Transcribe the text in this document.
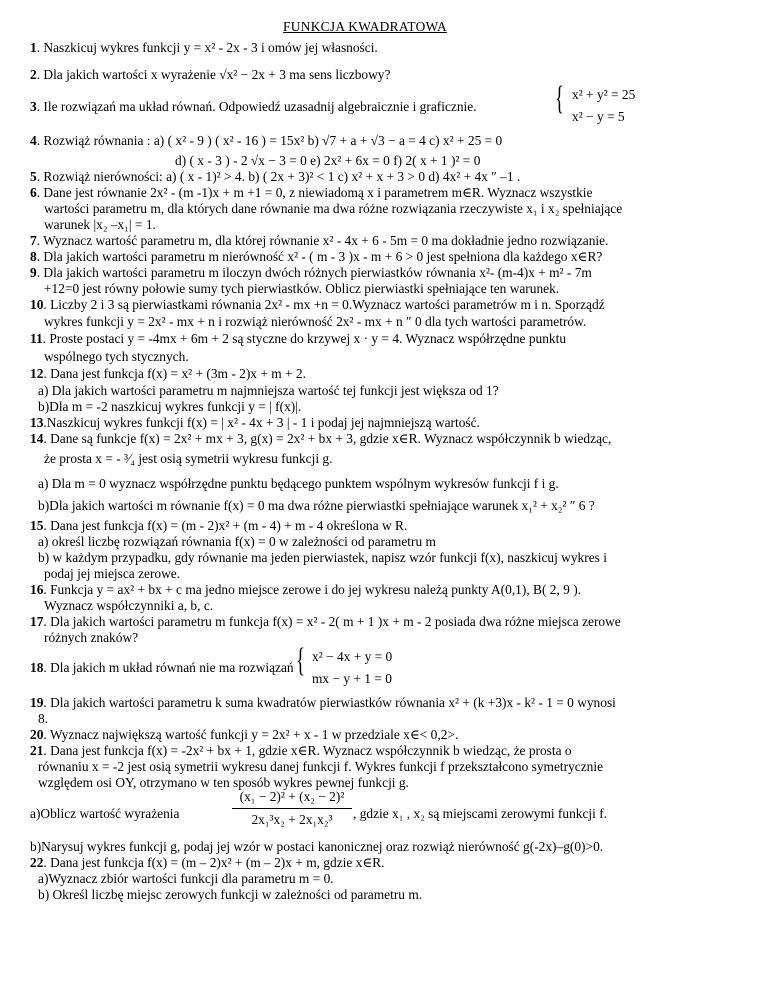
FUNKCJA KWADRATOWA
1. Naszkicuj wykres funkcji y = x² - 2x - 3 i omów jej własności.
2. Dla jakich wartości x wyrażenie √x² − 2x + 3 ma sens liczbowy?
3. Ile rozwiązań ma układ równań. Odpowiedź uzasadnij algebraicznie i graficznie. { x² + y² = 25
x² − y = 5
4. Rozwiąż równania : a) ( x² - 9 ) ( x² - 16 ) = 15x² b) √7 + a + √3 − a = 4 c) x² + 25 = 0
d) ( x - 3 ) - 2 √x − 3 = 0 e) 2x² + 6x = 0 f) 2( x + 1 )² = 0
5. Rozwiąż nierówności: a) ( x - 1)² > 4. b) ( 2x + 3)² < 1 c) x² + x + 3 > 0 d) 4x² + 4x ″ –1 .
6. Dane jest równanie 2x² - (m -1)x + m +1 = 0, z niewiadomą x i parametrem m∈R. Wyznacz wszystkie
wartości parametru m, dla których dane równanie ma dwa różne rozwiązania rzeczywiste x₁ i x₂ spełniające
warunek |x₂ –x₁| = 1.
7. Wyznacz wartość parametru m, dla której równanie x² - 4x + 6 - 5m = 0 ma dokładnie jedno rozwiązanie.
8. Dla jakich wartości parametru m nierówność x² - ( m - 3 )x - m + 6 > 0 jest spełniona dla każdego x∈R?
9. Dla jakich wartości parametru m iloczyn dwóch różnych pierwiastków równania x²- (m-4)x + m² - 7m
+12=0 jest równy połowie sumy tych pierwiastków. Oblicz pierwiastki spełniające ten warunek.
10. Liczby 2 i 3 są pierwiastkami równania 2x² - mx +n = 0.Wyznacz wartości parametrów m i n. Sporządź
wykres funkcji y = 2x² - mx + n i rozwiąż nierówność 2x² - mx + n ″ 0 dla tych wartości parametrów.
11. Proste postaci y = -4mx + 6m + 2 są styczne do krzywej x · y = 4. Wyznacz współrzędne punktu
wspólnego tych stycznych.
12. Dana jest funkcja f(x) = x² + (3m - 2)x + m + 2.
a) Dla jakich wartości parametru m najmniejsza wartość tej funkcji jest większa od 1?
b)Dla m = -2 naszkicuj wykres funkcji y = | f(x)|.
13.Naszkicuj wykres funkcji f(x) = | x² - 4x + 3 | - 1 i podaj jej najmniejszą wartość.
14. Dane są funkcje f(x) = 2x² + mx + 3, g(x) = 2x² + bx + 3, gdzie x∈R. Wyznacz współczynnik b wiedząc,
że prosta x = - ³⁄₄ jest osią symetrii wykresu funkcji g.
a) Dla m = 0 wyznacz współrzędne punktu będącego punktem wspólnym wykresów funkcji f i g.
b)Dla jakich wartości m równanie f(x) = 0 ma dwa różne pierwiastki spełniające warunek x₁² + x₂² ″ 6 ?
15. Dana jest funkcja f(x) = (m - 2)x² + (m - 4) + m - 4 określona w R.
a) określ liczbę rozwiązań równania f(x) = 0 w zależności od parametru m
b) w każdym przypadku, gdy równanie ma jeden pierwiastek, napisz wzór funkcji f(x), naszkicuj wykres i
podaj jej miejsca zerowe.
16. Funkcja y = ax² + bx + c ma jedno miejsce zerowe i do jej wykresu należą punkty A(0,1), B( 2, 9 ).
Wyznacz współczynniki a, b, c.
17. Dla jakich wartości parametru m funkcja f(x) = x² - 2( m + 1 )x + m - 2 posiada dwa różne miejsca zerowe
różnych znaków?
{ x² − 4x + y = 0
18. Dla jakich m układ równań nie ma rozwiązań
mx − y + 1 = 0
19. Dla jakich wartości parametru k suma kwadratów pierwiastków równania x² + (k +3)x - k² - 1 = 0 wynosi
8.
20. Wyznacz największą wartość funkcji y = 2x² + x - 1 w przedziale x∈< 0,2>.
21. Dana jest funkcja f(x) = -2x² + bx + 1, gdzie x∈R. Wyznacz współczynnik b wiedząc, że prosta o
równaniu x = -2 jest osią symetrii wykresu danej funkcji f. Wykres funkcji f przekształcono symetrycznie
względem osi OY, otrzymano w ten sposób wykres pewnej funkcji g.
a)Oblicz wartość wyrażenia
(x₁ − 2)² + (x₂ − 2)²
2x₁³x₂ + 2x₁x₂³	, gdzie x₁ , x₂ są miejscami zerowymi funkcji f.
b)Narysuj wykres funkcji g, podaj jej wzór w postaci kanonicznej oraz rozwiąż nierówność g(-2x)–g(0)>0.
22. Dana jest funkcja f(x) = (m – 2)x² + (m – 2)x + m, gdzie x∈R.
a)Wyznacz zbiór wartości funkcji dla parametru m = 0.
b) Określ liczbę miejsc zerowych funkcji w zależności od parametru m.
